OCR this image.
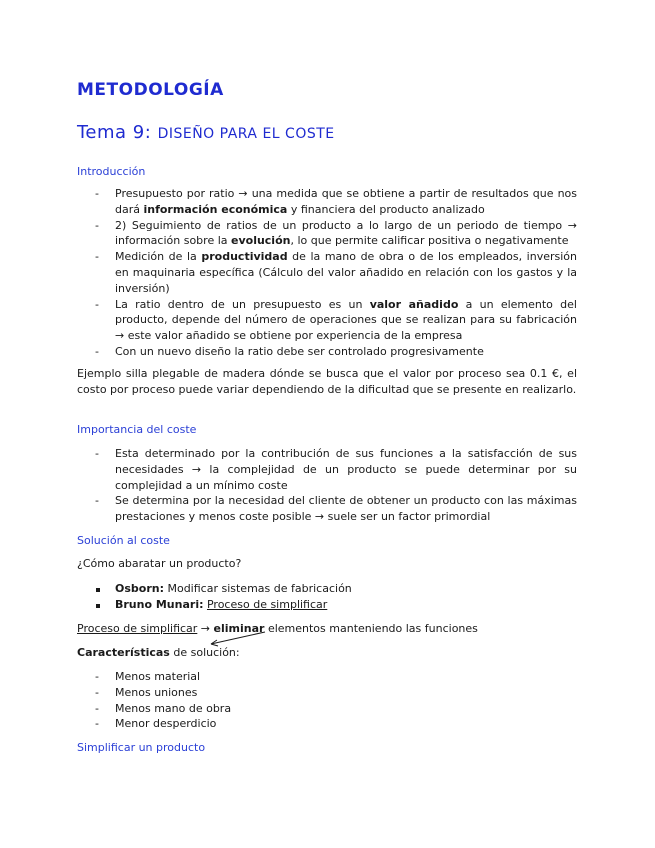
METODOLOGÍA
Tema 9: DISEÑO PARA EL COSTE
Introducción
- Presupuesto por ratio → una medida que se obtiene a partir de resultados que nos dará información económica y financiera del producto analizado
- 2) Seguimiento de ratios de un producto a lo largo de un periodo de tiempo → información sobre la evolución, lo que permite calificar positiva o negativamente
- Medición de la productividad de la mano de obra o de los empleados, inversión en maquinaria específica (Cálculo del valor añadido en relación con los gastos y la inversión)
- La ratio dentro de un presupuesto es un valor añadido a un elemento del producto, depende del número de operaciones que se realizan para su fabricación → este valor añadido se obtiene por experiencia de la empresa
- Con un nuevo diseño la ratio debe ser controlado progresivamente
Ejemplo silla plegable de madera dónde se busca que el valor por proceso sea 0.1 €, el costo por proceso puede variar dependiendo de la dificultad que se presente en realizarlo.
Importancia del coste
- Esta determinado por la contribución de sus funciones a la satisfacción de sus necesidades → la complejidad de un producto se puede determinar por su complejidad a un mínimo coste
- Se determina por la necesidad del cliente de obtener un producto con las máximas prestaciones y menos coste posible → suele ser un factor primordial
Solución al coste
¿Cómo abaratar un producto?
Osborn: Modificar sistemas de fabricación
Bruno Munari: Proceso de simplificar
Proceso de simplificar → eliminar elementos manteniendo las funciones
Características de solución:
- Menos material
- Menos uniones
- Menos mano de obra
- Menor desperdicio
Simplificar un producto
